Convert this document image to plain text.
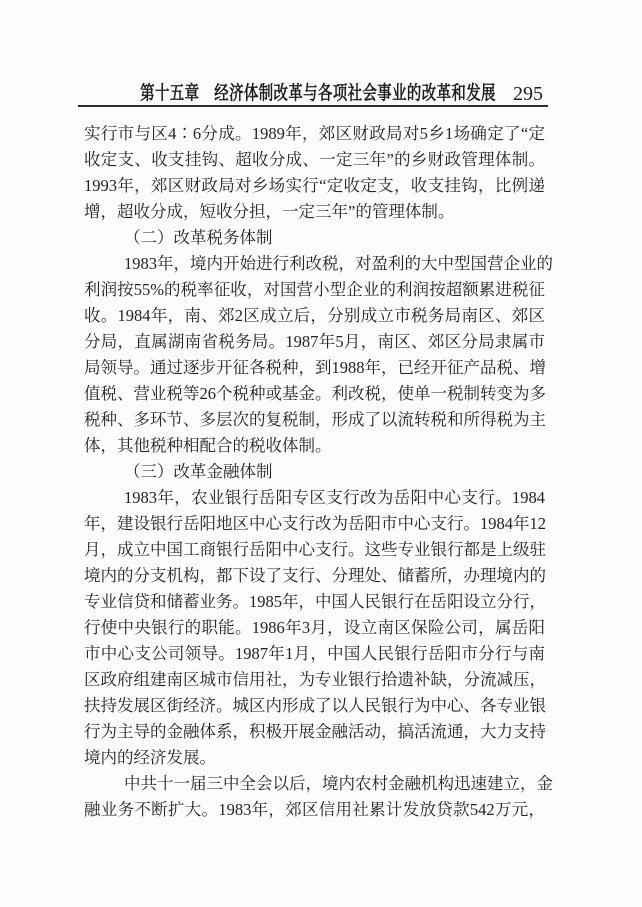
第十五章　经济体制改革与各项社会事业的改革和发展 295
实行市与区4∶6分成。1989年，郊区财政局对5乡1场确定了“定
收定支、收支挂钩、超收分成、一定三年”的乡财政管理体制。
1993年，郊区财政局对乡场实行“定收定支，收支挂钩，比例递
增，超收分成，短收分担，一定三年”的管理体制。
（二）改革税务体制
1983年，境内开始进行利改税，对盈利的大中型国营企业的
利润按55%的税率征收，对国营小型企业的利润按超额累进税征
收。1984年，南、郊2区成立后，分别成立市税务局南区、郊区
分局，直属湖南省税务局。1987年5月，南区、郊区分局隶属市
局领导。通过逐步开征各税种，到1988年，已经开征产品税、增
值税、营业税等26个税种或基金。利改税，使单一税制转变为多
税种、多环节、多层次的复税制，形成了以流转税和所得税为主
体，其他税种相配合的税收体制。
（三）改革金融体制
1983年，农业银行岳阳专区支行改为岳阳中心支行。1984
年，建设银行岳阳地区中心支行改为岳阳市中心支行。1984年12
月，成立中国工商银行岳阳中心支行。这些专业银行都是上级驻
境内的分支机构，都下设了支行、分理处、储蓄所，办理境内的
专业信贷和储蓄业务。1985年，中国人民银行在岳阳设立分行，
行使中央银行的职能。1986年3月，设立南区保险公司，属岳阳
市中心支公司领导。1987年1月，中国人民银行岳阳市分行与南
区政府组建南区城市信用社，为专业银行拾遗补缺，分流减压，
扶持发展区街经济。城区内形成了以人民银行为中心、各专业银
行为主导的金融体系，积极开展金融活动，搞活流通，大力支持
境内的经济发展。
中共十一届三中全会以后，境内农村金融机构迅速建立，金
融业务不断扩大。1983年，郊区信用社累计发放贷款542万元，
